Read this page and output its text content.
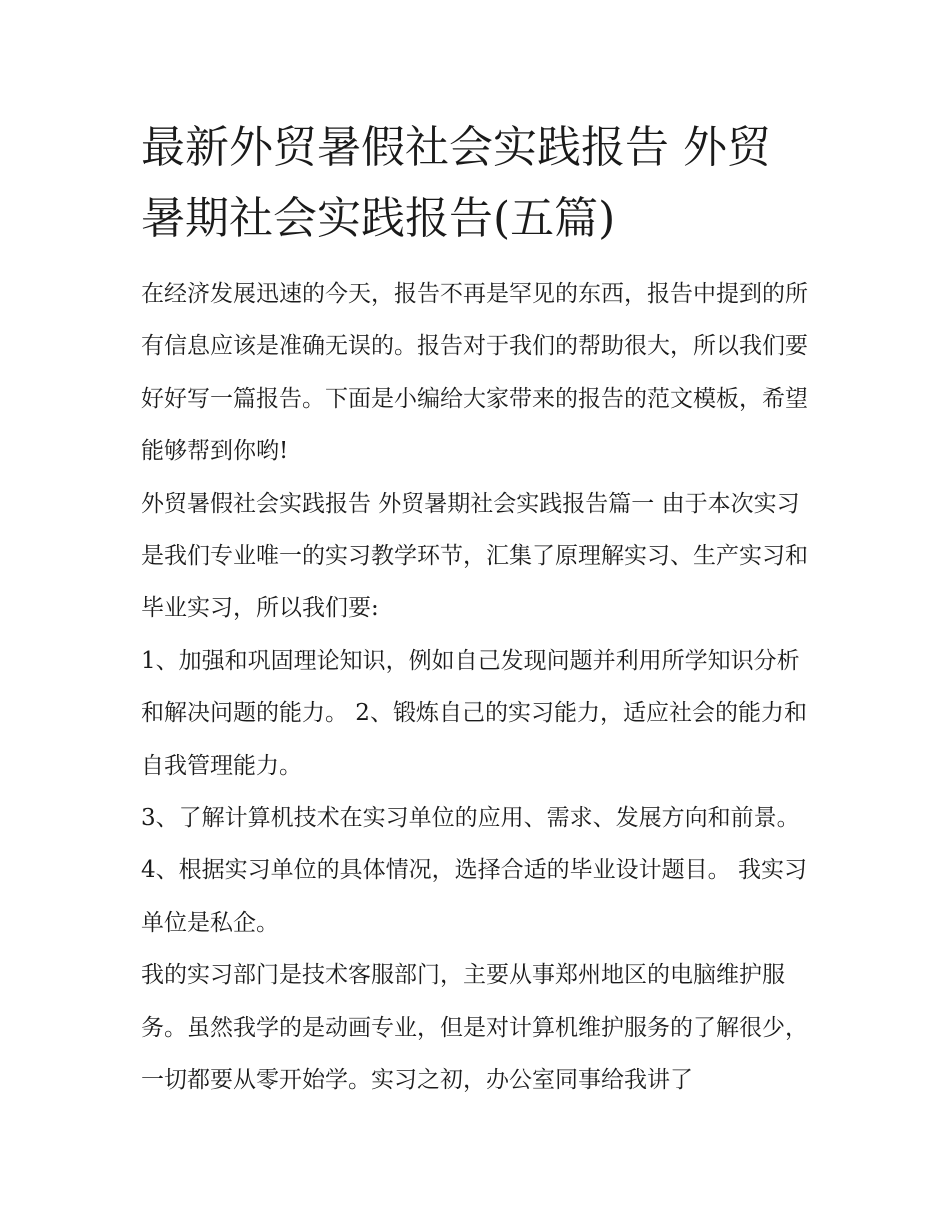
最新外贸暑假社会实践报告 外贸暑期社会实践报告(五篇)

在经济发展迅速的今天，报告不再是罕见的东西，报告中提到的所有信息应该是准确无误的。报告对于我们的帮助很大，所以我们要好好写一篇报告。下面是小编给大家带来的报告的范文模板，希望能够帮到你哟!

外贸暑假社会实践报告 外贸暑期社会实践报告篇一 由于本次实习是我们专业唯一的实习教学环节，汇集了原理解实习、生产实习和毕业实习，所以我们要:

1、加强和巩固理论知识，例如自己发现问题并利用所学知识分析和解决问题的能力。 2、锻炼自己的实习能力，适应社会的能力和自我管理能力。

3、了解计算机技术在实习单位的应用、需求、发展方向和前景。 4、根据实习单位的具体情况，选择合适的毕业设计题目。 我实习单位是私企。

我的实习部门是技术客服部门，主要从事郑州地区的电脑维护服务。虽然我学的是动画专业，但是对计算机维护服务的了解很少，一切都要从零开始学。实习之初，办公室同事给我讲了
